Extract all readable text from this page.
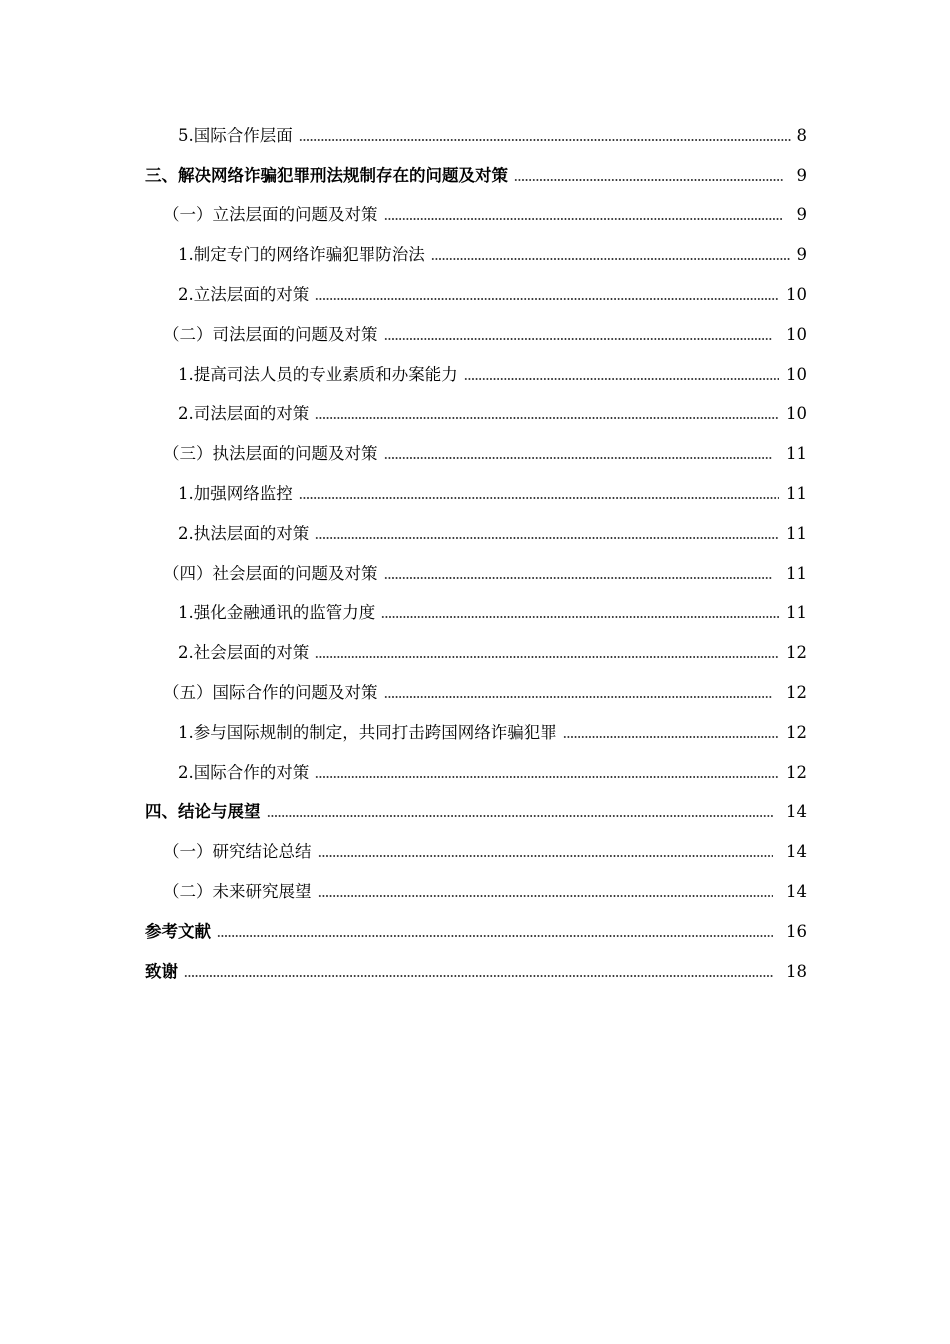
5.国际合作层面	8
三、解决网络诈骗犯罪刑法规制存在的问题及对策	9
（一）立法层面的问题及对策	9
1.制定专门的网络诈骗犯罪防治法	9
2.立法层面的对策	10
（二）司法层面的问题及对策	10
1.提高司法人员的专业素质和办案能力	10
2.司法层面的对策	10
（三）执法层面的问题及对策	11
1.加强网络监控	11
2.执法层面的对策	11
（四）社会层面的问题及对策	11
1.强化金融通讯的监管力度	11
2.社会层面的对策	12
（五）国际合作的问题及对策	12
1.参与国际规制的制定，共同打击跨国网络诈骗犯罪	12
2.国际合作的对策	12
四、结论与展望	14
（一）研究结论总结	14
（二）未来研究展望	14
参考文献	16
致谢	18
